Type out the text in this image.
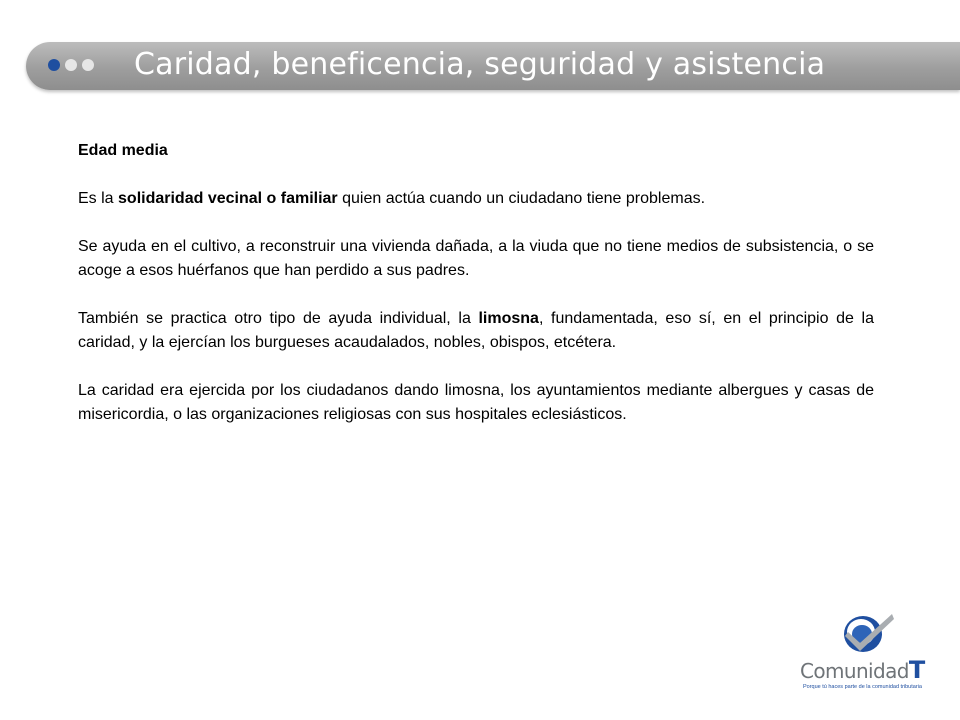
Caridad, beneficencia, seguridad y asistencia

Edad media

Es la solidaridad vecinal o familiar quien actúa cuando un ciudadano tiene problemas.

Se ayuda en el cultivo, a reconstruir una vivienda dañada, a la viuda que no tiene medios de subsistencia, o se acoge a esos huérfanos que han perdido a sus padres.

También se practica otro tipo de ayuda individual, la limosna, fundamentada, eso sí, en el principio de la caridad, y la ejercían los burgueses acaudalados, nobles, obispos, etcétera.

La caridad era ejercida por los ciudadanos dando limosna, los ayuntamientos mediante albergues y casas de misericordia, o las organizaciones religiosas con sus hospitales eclesiásticos.

ComunidadT
Porque tú haces parte de la comunidad tributaria
